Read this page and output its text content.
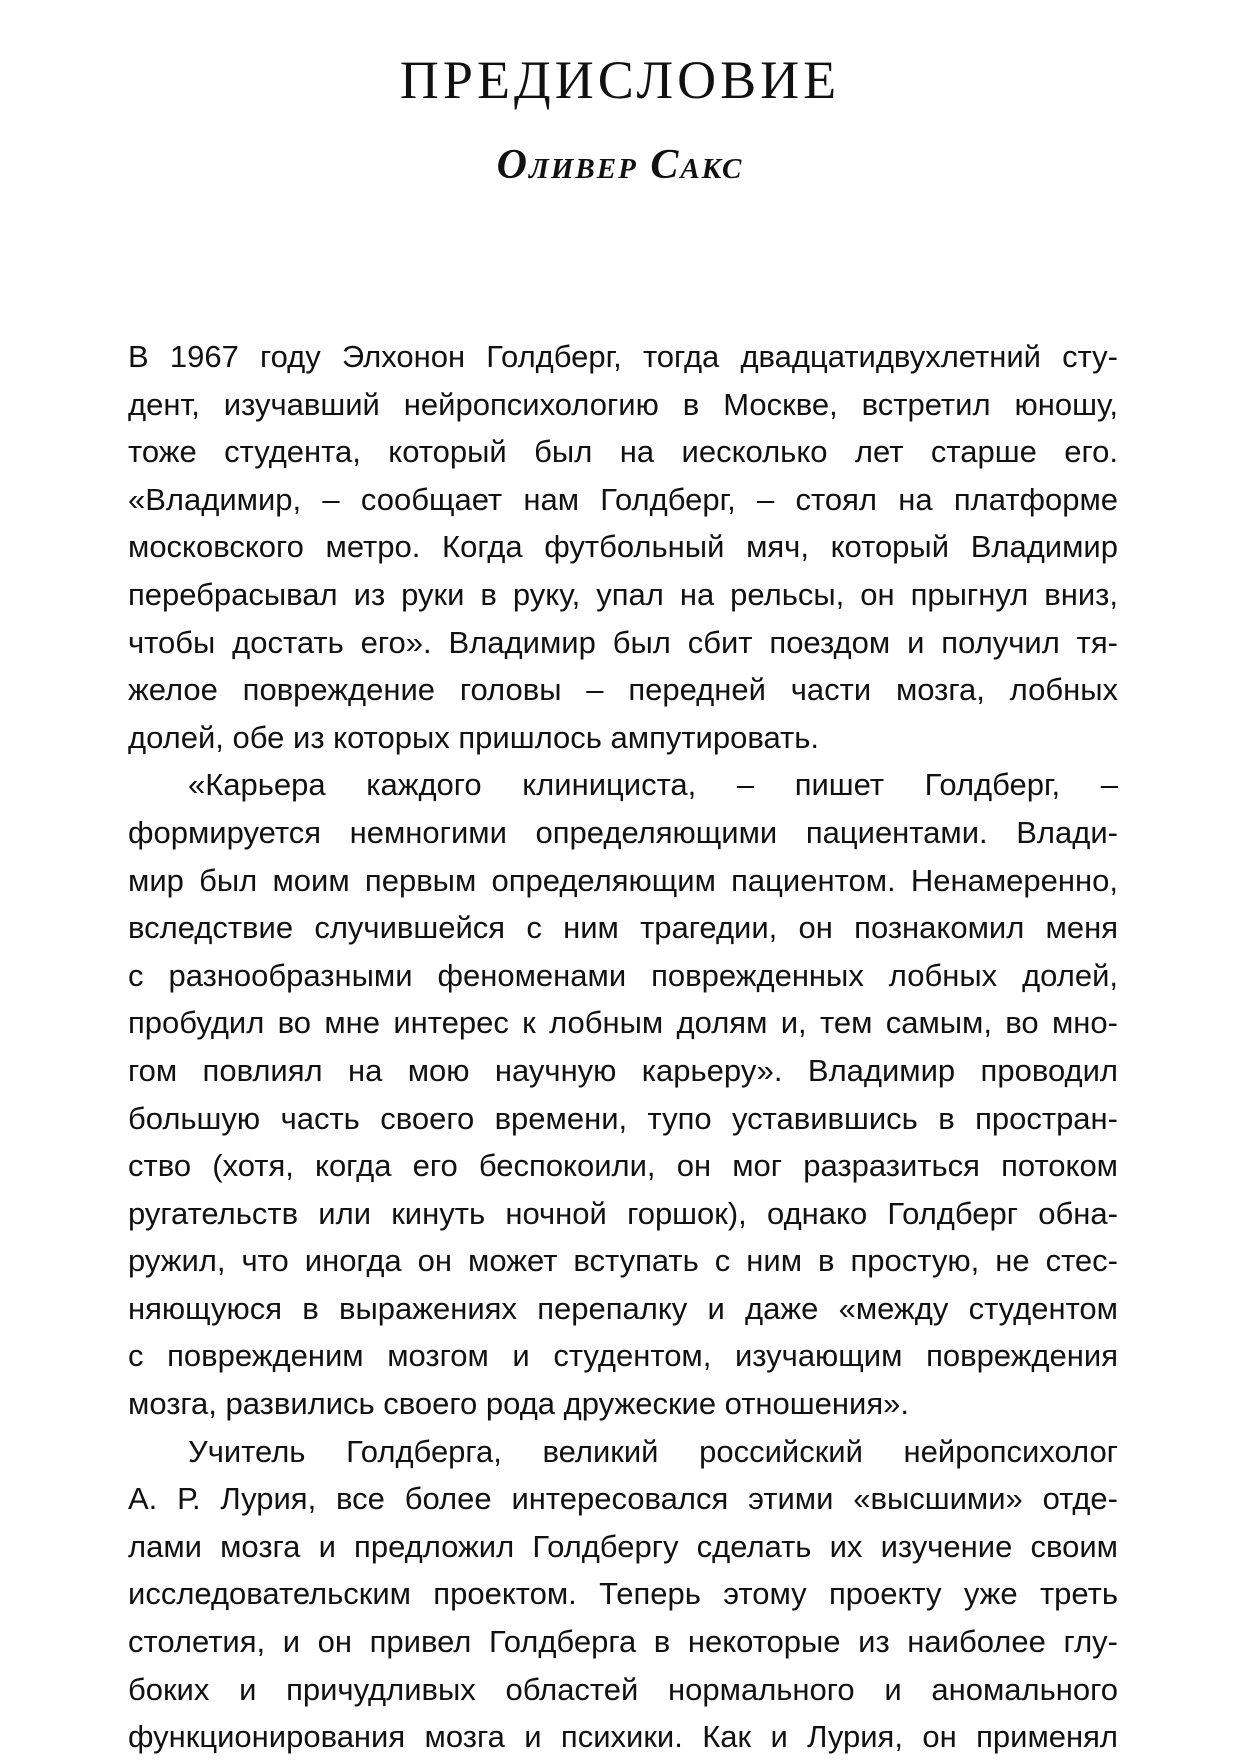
ПРЕДИСЛОВИЕ
Оливер Сакс

В 1967 году Элхонон Голдберг, тогда двадцатидвухлетний сту-
дент, изучавший нейропсихологию в Москве, встретил юношу,
тоже студента, который был на иесколько лет старше его.
«Владимир, – сообщает нам Голдберг, – стоял на платформе
московского метро. Когда футбольный мяч, который Владимир
перебрасывал из руки в руку, упал на рельсы, он прыгнул вниз,
чтобы достать его». Владимир был сбит поездом и получил тя-
желое повреждение головы – передней части мозга, лобных
долей, обе из которых пришлось ампутировать.

«Карьера каждого клинициста, – пишет Голдберг, –
формируется немногими определяющими пациентами. Влади-
мир был моим первым определяющим пациентом. Ненамеренно,
вследствие случившейся с ним трагедии, он познакомил меня
с разнообразными феноменами поврежденных лобных долей,
пробудил во мне интерес к лобным долям и, тем самым, во мно-
гом повлиял на мою научную карьеру». Владимир проводил
большую часть своего времени, тупо уставившись в простран-
ство (хотя, когда его беспокоили, он мог разразиться потоком
ругательств или кинуть ночной горшок), однако Голдберг обна-
ружил, что иногда он может вступать с ним в простую, не стес-
няющуюся в выражениях перепалку и даже «между студентом
с поврежденим мозгом и студентом, изучающим повреждения
мозга, развились своего рода дружеские отношения».

Учитель Голдберга, великий российский нейропсихолог
А. Р. Лурия, все более интересовался этими «высшими» отде-
лами мозга и предложил Голдбергу сделать их изучение своим
исследовательским проектом. Теперь этому проекту уже треть
столетия, и он привел Голдберга в некоторые из наиболее глу-
боких и причудливых областей нормального и аномального
функционирования мозга и психики. Как и Лурия, он применял
